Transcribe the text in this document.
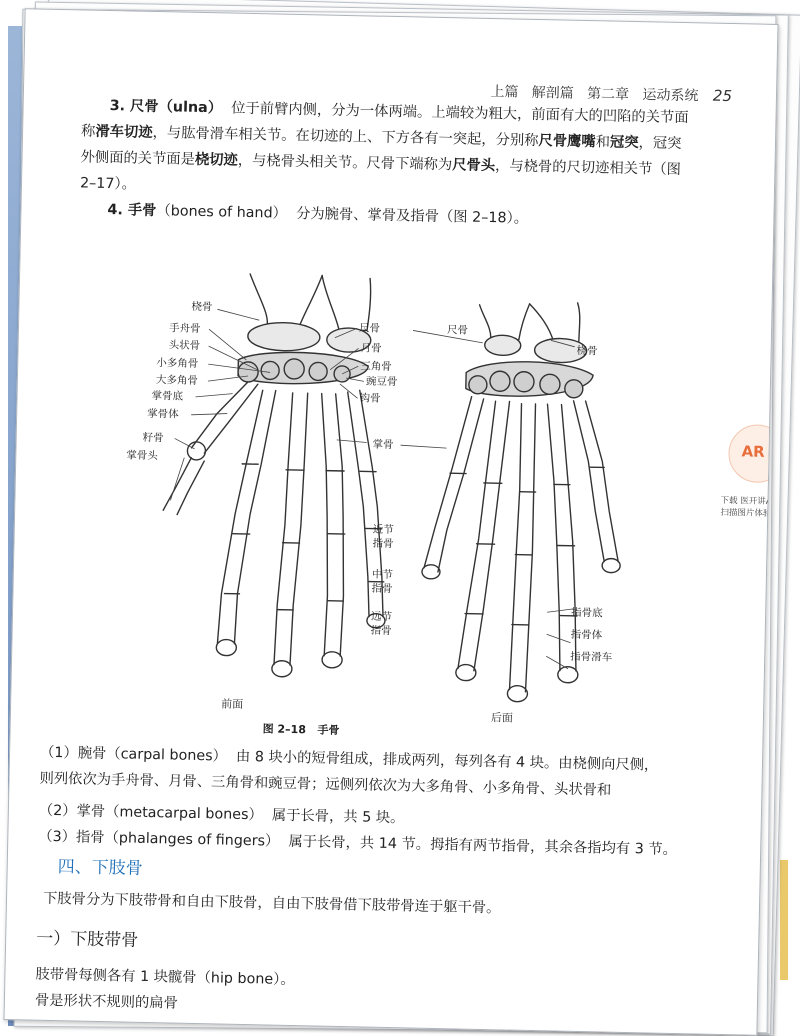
上篇 解剖篇 第二章 运动系统 25
3. 尺骨（ulna） 位于前臂内侧，分为一体两端。上端较为粗大，前面有大的凹陷的关节面
称滑车切迹，与肱骨滑车相关节。在切迹的上、下方各有一突起，分别称尺骨鹰嘴和冠突，冠突
外侧面的关节面是桡切迹，与桡骨头相关节。尺骨下端称为尺骨头，与桡骨的尺切迹相关节（图
2–17）。
4. 手骨（bones of hand） 分为腕骨、掌骨及指骨（图 2–18）。
桡骨
手舟骨
头状骨
小多角骨
大多角骨
掌骨底
掌骨体
籽骨
掌骨头
尺骨
月骨
三角骨
豌豆骨
钩骨
掌骨
近节
指骨
中节
指骨
远节
指骨
尺骨
桡骨
指骨底
指骨体
指骨滑车
前面
后面
图 2–18 手骨
（1）腕骨（carpal bones） 由 8 块小的短骨组成，排成两列，每列各有 4 块。由桡侧向尺侧，
则列依次为手舟骨、月骨、三角骨和豌豆骨；远侧列依次为大多角骨、小多角骨、头状骨和
（2）掌骨（metacarpal bones） 属于长骨，共 5 块。
（3）指骨（phalanges of fingers） 属于长骨，共 14 节。拇指有两节指骨，其余各指均有 3 节。
四、下肢骨
下肢骨分为下肢带骨和自由下肢骨，自由下肢骨借下肢带骨连于躯干骨。
一）下肢带骨
肢带骨每侧各有 1 块髋骨（hip bone）。
骨是形状不规则的扁骨
AR
下载 医开讲AR
扫描图片体验A
